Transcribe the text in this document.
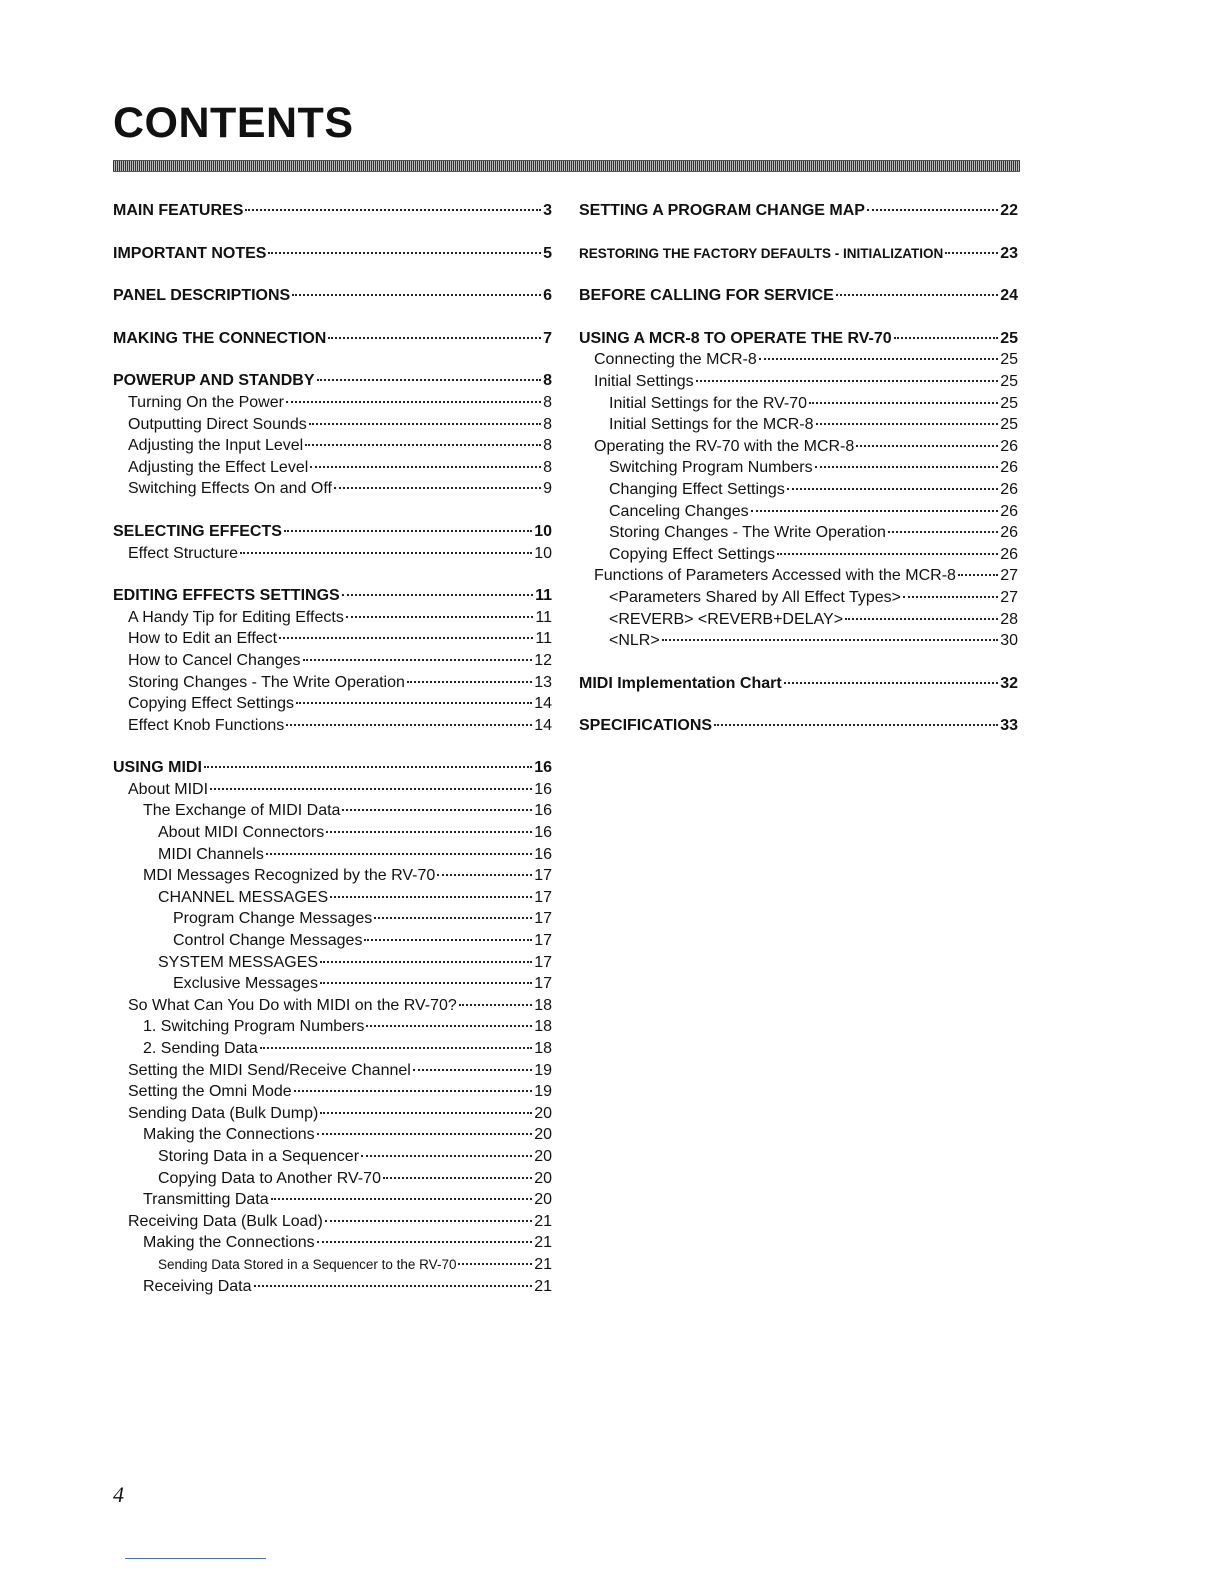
CONTENTS
MAIN FEATURES	3
IMPORTANT NOTES	5
PANEL DESCRIPTIONS	6
MAKING THE CONNECTION	7
POWERUP AND STANDBY	8
Turning On the Power	8
Outputting Direct Sounds	8
Adjusting the Input Level	8
Adjusting the Effect Level	8
Switching Effects On and Off	9
SELECTING EFFECTS	10
Effect Structure	10
EDITING EFFECTS SETTINGS	11
A Handy Tip for Editing Effects	11
How to Edit an Effect	11
How to Cancel Changes	12
Storing Changes - The Write Operation	13
Copying Effect Settings	14
Effect Knob Functions	14
USING MIDI	16
About MIDI	16
The Exchange of MIDI Data	16
About MIDI Connectors	16
MIDI Channels	16
MDI Messages Recognized by the RV-70	17
CHANNEL MESSAGES	17
Program Change Messages	17
Control Change Messages	17
SYSTEM MESSAGES	17
Exclusive Messages	17
So What Can You Do with MIDI on the RV-70?	18
1. Switching Program Numbers	18
2. Sending Data	18
Setting the MIDI Send/Receive Channel	19
Setting the Omni Mode	19
Sending Data (Bulk Dump)	20
Making the Connections	20
Storing Data in a Sequencer	20
Copying Data to Another RV-70	20
Transmitting Data	20
Receiving Data (Bulk Load)	21
Making the Connections	21
Sending Data Stored in a Sequencer to the RV-70	21
Receiving Data	21
SETTING A PROGRAM CHANGE MAP	22
RESTORING THE FACTORY DEFAULTS - INITIALIZATION	23
BEFORE CALLING FOR SERVICE	24
USING A MCR-8 TO OPERATE THE RV-70	25
Connecting the MCR-8	25
Initial Settings	25
Initial Settings for the RV-70	25
Initial Settings for the MCR-8	25
Operating the RV-70 with the MCR-8	26
Switching Program Numbers	26
Changing Effect Settings	26
Canceling Changes	26
Storing Changes - The Write Operation	26
Copying Effect Settings	26
Functions of Parameters Accessed with the MCR-8	27
<Parameters Shared by All Effect Types>	27
<REVERB> <REVERB+DELAY>	28
<NLR>	30
MIDI Implementation Chart	32
SPECIFICATIONS	33
4
